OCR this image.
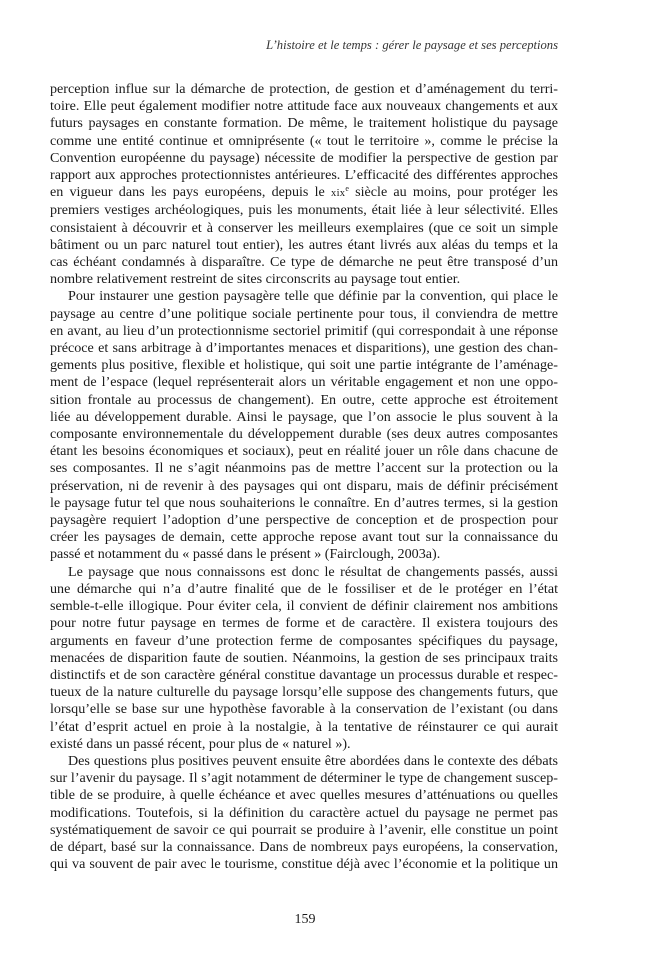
L’histoire et le temps : gérer le paysage et ses perceptions
perception influe sur la démarche de protection, de gestion et d’aménagement du terri-
toire. Elle peut également modifier notre attitude face aux nouveaux changements et aux
futurs paysages en constante formation. De même, le traitement holistique du paysage
comme une entité continue et omniprésente (« tout le territoire », comme le précise la
Convention européenne du paysage) nécessite de modifier la perspective de gestion par
rapport aux approches protectionnistes antérieures. L’efficacité des différentes approches
en vigueur dans les pays européens, depuis le xix$^e$ siècle au moins, pour protéger les
premiers vestiges archéologiques, puis les monuments, était liée à leur sélectivité. Elles
consistaient à découvrir et à conserver les meilleurs exemplaires (que ce soit un simple
bâtiment ou un parc naturel tout entier), les autres étant livrés aux aléas du temps et la
cas échéant condamnés à disparaître. Ce type de démarche ne peut être transposé d’un
nombre relativement restreint de sites circonscrits au paysage tout entier.
Pour instaurer une gestion paysagère telle que définie par la convention, qui place le
paysage au centre d’une politique sociale pertinente pour tous, il conviendra de mettre
en avant, au lieu d’un protectionnisme sectoriel primitif (qui correspondait à une réponse
précoce et sans arbitrage à d’importantes menaces et disparitions), une gestion des chan-
gements plus positive, flexible et holistique, qui soit une partie intégrante de l’aménage-
ment de l’espace (lequel représenterait alors un véritable engagement et non une oppo-
sition frontale au processus de changement). En outre, cette approche est étroitement
liée au développement durable. Ainsi le paysage, que l’on associe le plus souvent à la
composante environnementale du développement durable (ses deux autres composantes
étant les besoins économiques et sociaux), peut en réalité jouer un rôle dans chacune de
ses composantes. Il ne s’agit néanmoins pas de mettre l’accent sur la protection ou la
préservation, ni de revenir à des paysages qui ont disparu, mais de définir précisément
le paysage futur tel que nous souhaiterions le connaître. En d’autres termes, si la gestion
paysagère requiert l’adoption d’une perspective de conception et de prospection pour
créer les paysages de demain, cette approche repose avant tout sur la connaissance du
passé et notamment du « passé dans le présent » (Fairclough, 2003a).
Le paysage que nous connaissons est donc le résultat de changements passés, aussi
une démarche qui n’a d’autre finalité que de le fossiliser et de le protéger en l’état
semble-t-elle illogique. Pour éviter cela, il convient de définir clairement nos ambitions
pour notre futur paysage en termes de forme et de caractère. Il existera toujours des
arguments en faveur d’une protection ferme de composantes spécifiques du paysage,
menacées de disparition faute de soutien. Néanmoins, la gestion de ses principaux traits
distinctifs et de son caractère général constitue davantage un processus durable et respec-
tueux de la nature culturelle du paysage lorsqu’elle suppose des changements futurs, que
lorsqu’elle se base sur une hypothèse favorable à la conservation de l’existant (ou dans
l’état d’esprit actuel en proie à la nostalgie, à la tentative de réinstaurer ce qui aurait
existé dans un passé récent, pour plus de « naturel »).
Des questions plus positives peuvent ensuite être abordées dans le contexte des débats
sur l’avenir du paysage. Il s’agit notamment de déterminer le type de changement suscep-
tible de se produire, à quelle échéance et avec quelles mesures d’atténuations ou quelles
modifications. Toutefois, si la définition du caractère actuel du paysage ne permet pas
systématiquement de savoir ce qui pourrait se produire à l’avenir, elle constitue un point
de départ, basé sur la connaissance. Dans de nombreux pays européens, la conservation,
qui va souvent de pair avec le tourisme, constitue déjà avec l’économie et la politique un
159
